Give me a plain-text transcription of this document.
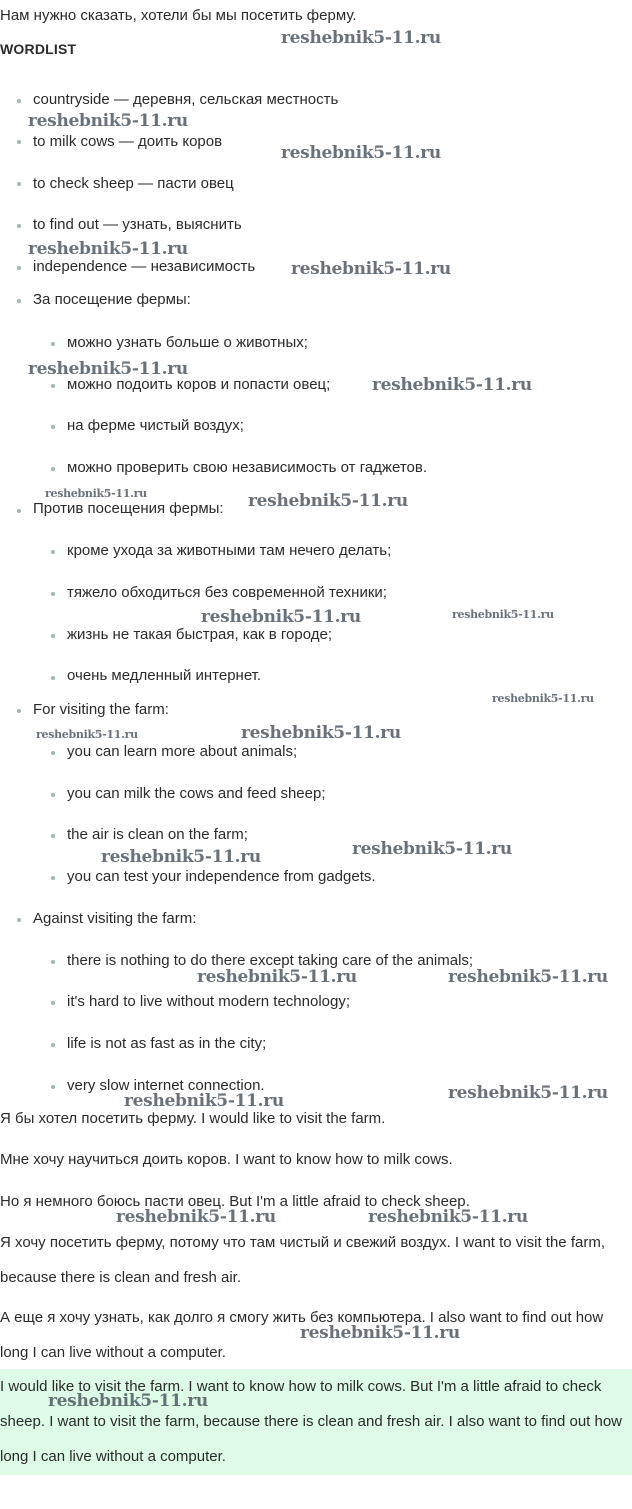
Нам нужно сказать, хотели бы мы посетить ферму.
WORDLIST
countryside — деревня, сельская местность
to milk cows — доить коров
to check sheep — пасти овец
to find out — узнать, выяснить
independence — независимость
За посещение фермы:
можно узнать больше о животных;
можно подоить коров и попасти овец;
на ферме чистый воздух;
можно проверить свою независимость от гаджетов.
Против посещения фермы:
кроме ухода за животными там нечего делать;
тяжело обходиться без современной техники;
жизнь не такая быстрая, как в городе;
очень медленный интернет.
For visiting the farm:
you can learn more about animals;
you can milk the cows and feed sheep;
the air is clean on the farm;
you can test your independence from gadgets.
Against visiting the farm:
there is nothing to do there except taking care of the animals;
it's hard to live without modern technology;
life is not as fast as in the city;
very slow internet connection.
Я бы хотел посетить ферму. I would like to visit the farm.
Мне хочу научиться доить коров. I want to know how to milk cows.
Но я немного боюсь пасти овец. But I'm a little afraid to check sheep.
Я хочу посетить ферму, потому что там чистый и свежий воздух. I want to visit the farm, because there is clean and fresh air.
А еще я хочу узнать, как долго я смогу жить без компьютера. I also want to find out how long I can live without a computer.
I would like to visit the farm. I want to know how to milk cows. But I'm a little afraid to check sheep. I want to visit the farm, because there is clean and fresh air. I also want to find out how long I can live without a computer.
reshebnik5-11.ru
reshebnik5-11.ru
reshebnik5-11.ru
reshebnik5-11.ru
reshebnik5-11.ru
reshebnik5-11.ru
reshebnik5-11.ru
reshebnik5-11.ru	reshebnik5-11.ru
reshebnik5-11.ru	reshebnik5-11.ru
reshebnik5-11.ru
reshebnik5-11.ru	reshebnik5-11.ru
reshebnik5-11.ru
reshebnik5-11.ru
reshebnik5-11.ru	reshebnik5-11.ru
reshebnik5-11.ru
reshebnik5-11.ru
reshebnik5-11.ru	reshebnik5-11.ru
reshebnik5-11.ru
reshebnik5-11.ru
